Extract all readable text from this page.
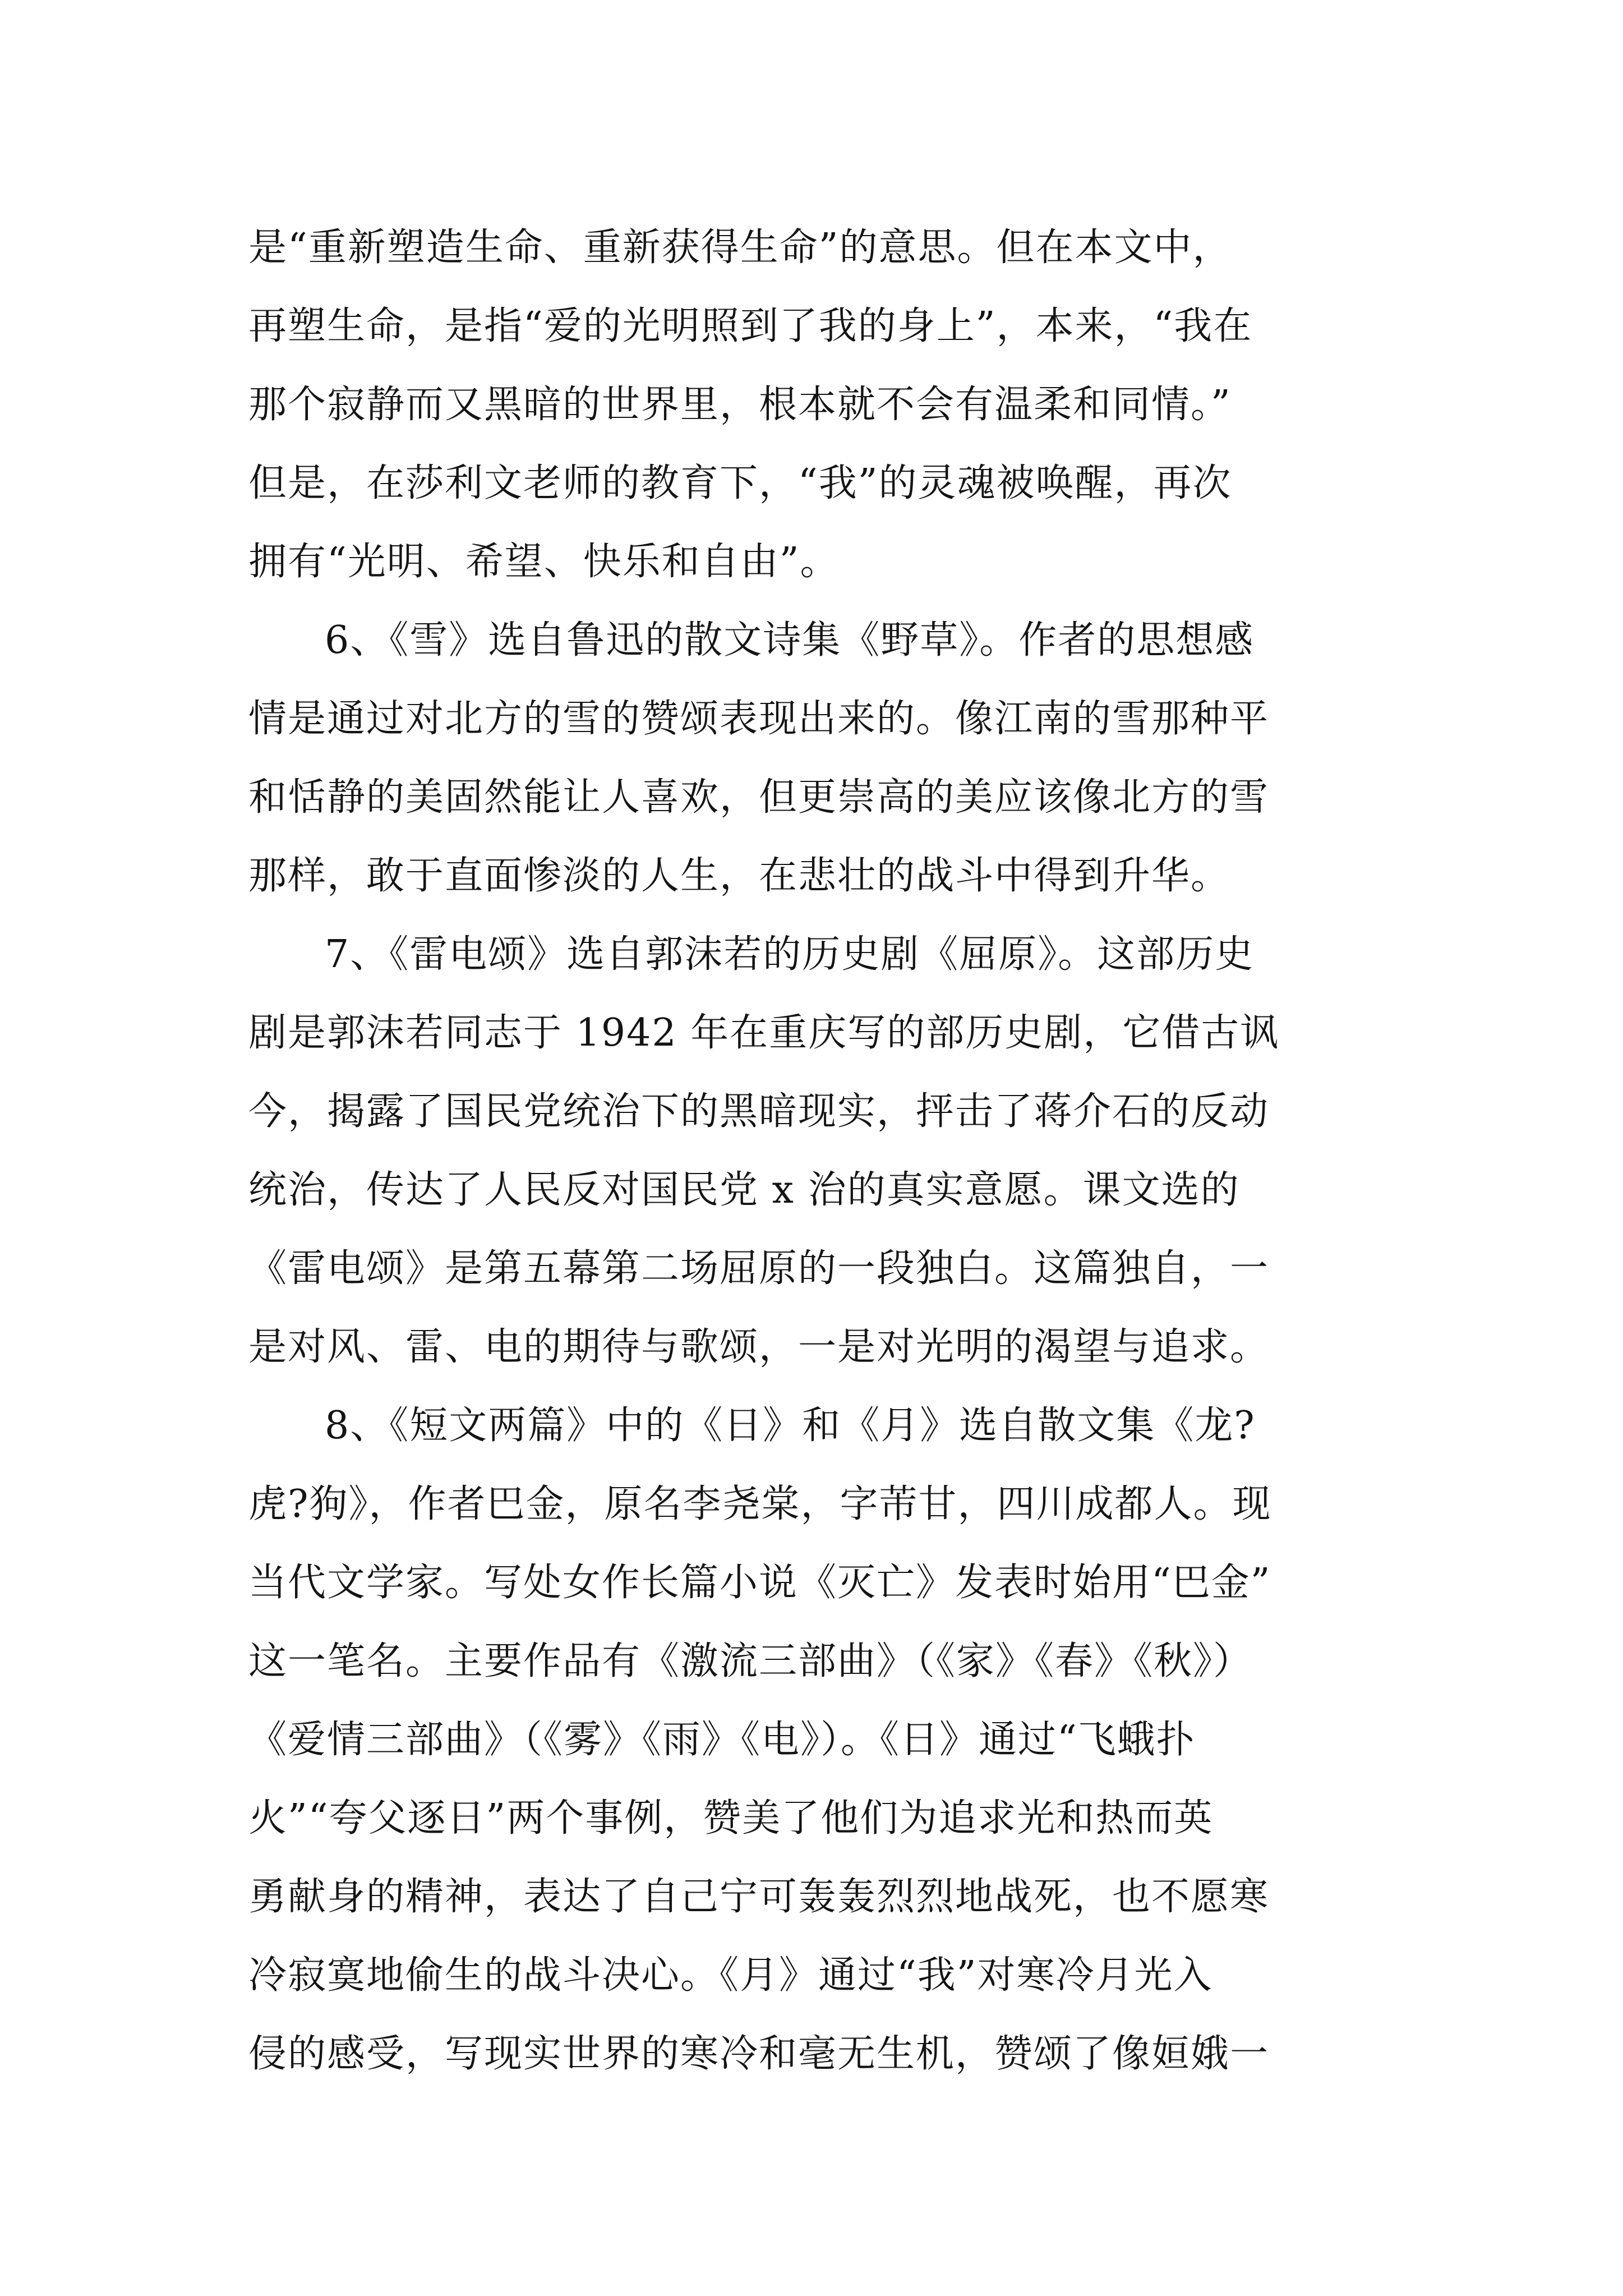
是“重新塑造生命、重新获得生命”的意思。但在本文中，
再塑生命，是指“爱的光明照到了我的身上”，本来，“我在
那个寂静而又黑暗的世界里，根本就不会有温柔和同情。”
但是，在莎利文老师的教育下，“我”的灵魂被唤醒，再次
拥有“光明、希望、快乐和自由”。
6、《雪》选自鲁迅的散文诗集《野草》。作者的思想感
情是通过对北方的雪的赞颂表现出来的。像江南的雪那种平
和恬静的美固然能让人喜欢，但更崇高的美应该像北方的雪
那样，敢于直面惨淡的人生，在悲壮的战斗中得到升华。
7、《雷电颂》选自郭沫若的历史剧《屈原》。这部历史
剧是郭沫若同志于 1942 年在重庆写的部历史剧，它借古讽
今，揭露了国民党统治下的黑暗现实，抨击了蒋介石的反动
统治，传达了人民反对国民党 x 治的真实意愿。课文选的
《雷电颂》是第五幕第二场屈原的一段独白。这篇独自，一
是对风、雷、电的期待与歌颂，一是对光明的渴望与追求。
8、《短文两篇》中的《日》和《月》选自散文集《龙?
虎?狗》，作者巴金，原名李尧棠，字芾甘，四川成都人。现
当代文学家。写处女作长篇小说《灭亡》发表时始用“巴金”
这一笔名。主要作品有《激流三部曲》（《家》《春》《秋》）
《爱情三部曲》（《雾》《雨》《电》）。《日》通过“飞蛾扑
火”“夸父逐日”两个事例，赞美了他们为追求光和热而英
勇献身的精神，表达了自己宁可轰轰烈烈地战死，也不愿寒
冷寂寞地偷生的战斗决心。《月》通过“我”对寒冷月光入
侵的感受，写现实世界的寒冷和毫无生机，赞颂了像姮娥一
